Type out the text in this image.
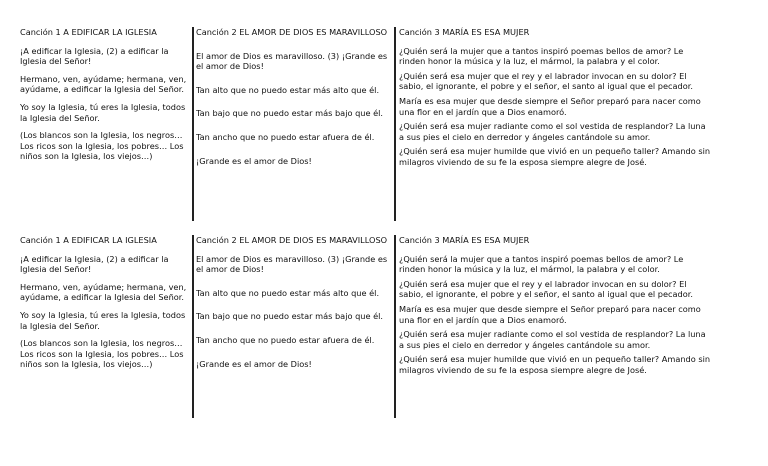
Canción 1 A EDIFICAR LA IGLESIA

¡A edificar la Iglesia, (2) a edificar la Iglesia del Señor!

Hermano, ven, ayúdame; hermana, ven, ayúdame, a edificar la Iglesia del Señor.

Yo soy la Iglesia, tú eres la Iglesia, todos la Iglesia del Señor.

(Los blancos son la Iglesia, los negros… Los ricos son la Iglesia, los pobres… Los niños son la Iglesia, los viejos…)

Canción 2 EL AMOR DE DIOS ES MARAVILLOSO

El amor de Dios es maravilloso. (3) ¡Grande es el amor de Dios!

Tan alto que no puedo estar más alto que él.

Tan bajo que no puedo estar más bajo que él.

Tan ancho que no puedo estar afuera de él.

¡Grande es el amor de Dios!

Canción 3 MARÍA ES ESA MUJER

¿Quién será la mujer que a tantos inspiró poemas bellos de amor? Le rinden honor la música y la luz, el mármol, la palabra y el color.

¿Quién será esa mujer que el rey y el labrador invocan en su dolor? El sabio, el ignorante, el pobre y el señor, el santo al igual que el pecador.

María es esa mujer que desde siempre el Señor preparó para nacer como una flor en el jardín que a Dios enamoró.

¿Quién será esa mujer radiante como el sol vestida de resplandor? La luna a sus pies el cielo en derredor y ángeles cantándole su amor.

¿Quién será esa mujer humilde que vivió en un pequeño taller? Amando sin milagros viviendo de su fe la esposa siempre alegre de José.

Canción 1 A EDIFICAR LA IGLESIA

¡A edificar la Iglesia, (2) a edificar la Iglesia del Señor!

Hermano, ven, ayúdame; hermana, ven, ayúdame, a edificar la Iglesia del Señor.

Yo soy la Iglesia, tú eres la Iglesia, todos la Iglesia del Señor.

(Los blancos son la Iglesia, los negros… Los ricos son la Iglesia, los pobres… Los niños son la Iglesia, los viejos…)

Canción 2 EL AMOR DE DIOS ES MARAVILLOSO

El amor de Dios es maravilloso. (3) ¡Grande es el amor de Dios!

Tan alto que no puedo estar más alto que él.

Tan bajo que no puedo estar más bajo que él.

Tan ancho que no puedo estar afuera de él.

¡Grande es el amor de Dios!

Canción 3 MARÍA ES ESA MUJER

¿Quién será la mujer que a tantos inspiró poemas bellos de amor? Le rinden honor la música y la luz, el mármol, la palabra y el color.

¿Quién será esa mujer que el rey y el labrador invocan en su dolor? El sabio, el ignorante, el pobre y el señor, el santo al igual que el pecador.

María es esa mujer que desde siempre el Señor preparó para nacer como una flor en el jardín que a Dios enamoró.

¿Quién será esa mujer radiante como el sol vestida de resplandor? La luna a sus pies el cielo en derredor y ángeles cantándole su amor.

¿Quién será esa mujer humilde que vivió en un pequeño taller? Amando sin milagros viviendo de su fe la esposa siempre alegre de José.
